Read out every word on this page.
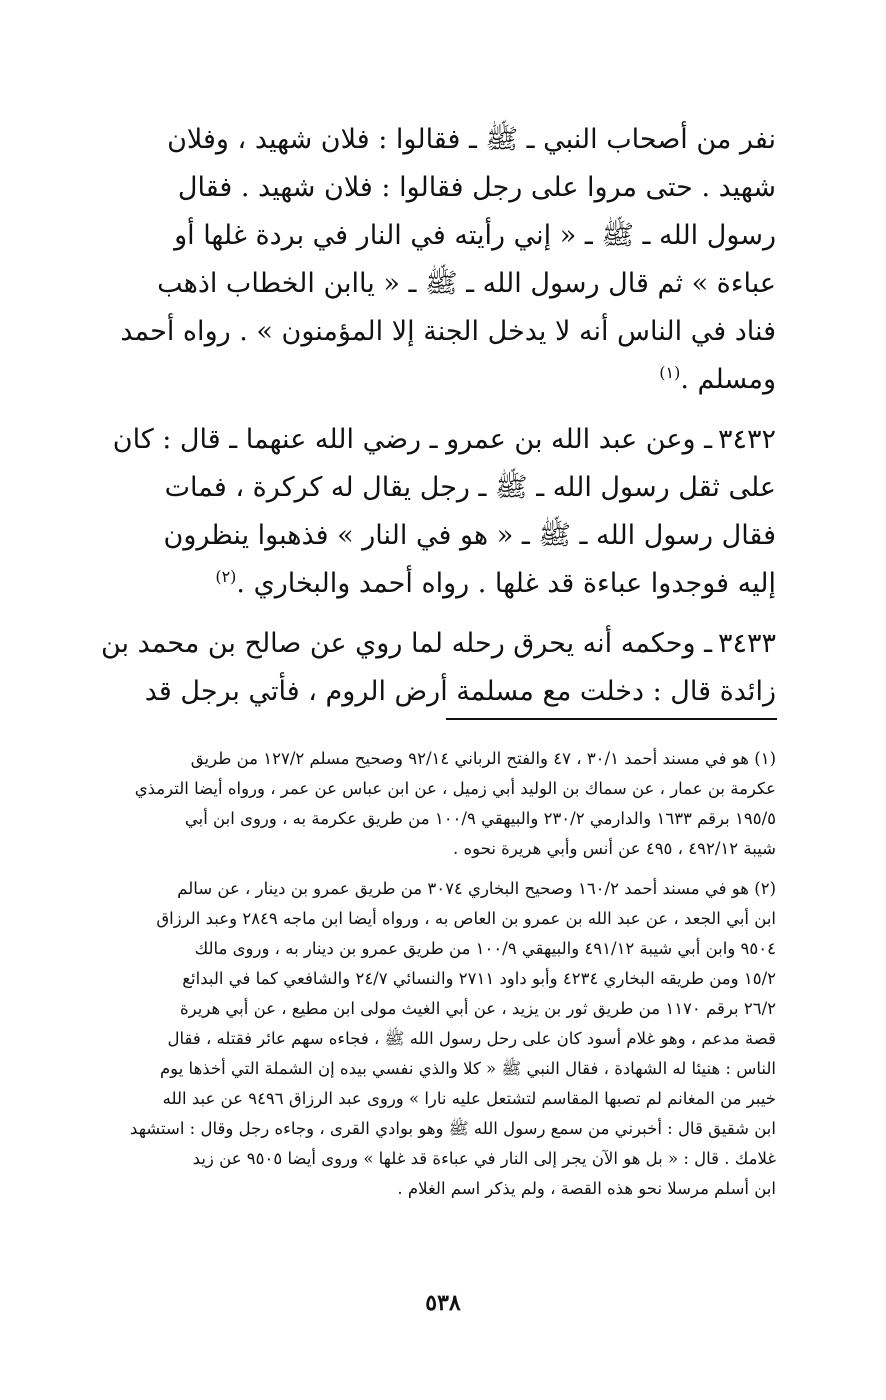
نفر من أصحاب النبي ـ ﷺ ـ فقالوا : فلان شهيد ، وفلان
شهيد . حتى مروا على رجل فقالوا : فلان شهيد . فقال
رسول الله ـ ﷺ ـ « إني رأيته في النار في بردة غلها أو
عباءة » ثم قال رسول الله ـ ﷺ ـ « ياابن الخطاب اذهب
فناد في الناس أنه لا يدخل الجنة إلا المؤمنون » . رواه أحمد
ومسلم .$^{(١)}$

٣٤٣٢ـ وعن عبد الله بن عمرو ـ رضي الله عنهما ـ قال : كان
على ثقل رسول الله ـ ﷺ ـ رجل يقال له كركرة ، فمات
فقال رسول الله ـ ﷺ ـ « هو في النار » فذهبوا ينظرون
إليه فوجدوا عباءة قد غلها . رواه أحمد والبخاري .$^{(٢)}$

٣٤٣٣ـ وحكمه أنه يحرق رحله لما روي عن صالح بن محمد بن
زائدة قال : دخلت مع مسلمة أرض الروم ، فأتي برجل قد

(١) هو في مسند أحمد ٣٠/١ ، ٤٧ والفتح الرباني ٩٢/١٤ وصحيح مسلم ١٢٧/٢ من طريق
عكرمة بن عمار ، عن سماك بن الوليد أبي زميل ، عن ابن عباس عن عمر ، ورواه أيضا الترمذي
١٩٥/٥ برقم ١٦٣٣ والدارمي ٢٣٠/٢ والبيهقي ١٠٠/٩ من طريق عكرمة به ، وروى ابن أبي
شيبة ٤٩٢/١٢ ، ٤٩٥ عن أنس وأبي هريرة نحوه .

(٢) هو في مسند أحمد ١٦٠/٢ وصحيح البخاري ٣٠٧٤ من طريق عمرو بن دينار ، عن سالم
ابن أبي الجعد ، عن عبد الله بن عمرو بن العاص به ، ورواه أيضا ابن ماجه ٢٨٤٩ وعبد الرزاق
٩٥٠٤ وابن أبي شيبة ٤٩١/١٢ والبيهقي ١٠٠/٩ من طريق عمرو بن دينار به ، وروى مالك
١٥/٢ ومن طريقه البخاري ٤٢٣٤ وأبو داود ٢٧١١ والنسائي ٢٤/٧ والشافعي كما في البدائع
٢٦/٢ برقم ١١٧٠ من طريق ثور بن يزيد ، عن أبي الغيث مولى ابن مطيع ، عن أبي هريرة
قصة مدعم ، وهو غلام أسود كان على رحل رسول الله ﷺ ، فجاءه سهم عائر فقتله ، فقال
الناس : هنيئا له الشهادة ، فقال النبي ﷺ « كلا والذي نفسي بيده إن الشملة التي أخذها يوم
خيبر من المغانم لم تصبها المقاسم لتشتعل عليه نارا » وروى عبد الرزاق ٩٤٩٦ عن عبد الله
ابن شقيق قال : أخبرني من سمع رسول الله ﷺ وهو بوادي القرى ، وجاءه رجل وقال : استشهد
غلامك . قال : « بل هو الآن يجر إلى النار في عباءة قد غلها » وروى أيضا ٩٥٠٥ عن زيد
ابن أسلم مرسلا نحو هذه القصة ، ولم يذكر اسم الغلام .

٥٣٨
